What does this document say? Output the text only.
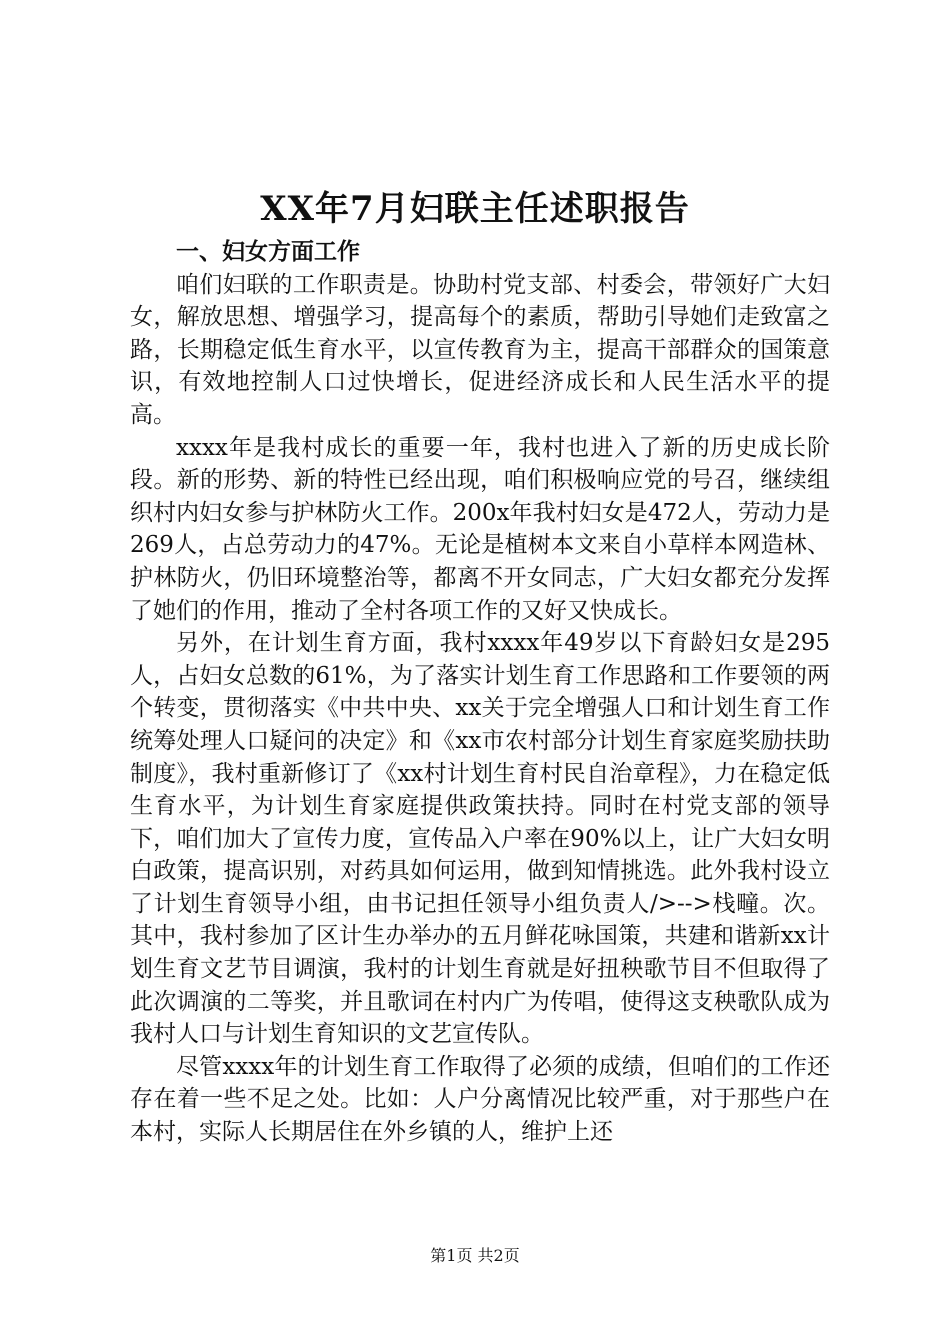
XX年7月妇联主任述职报告

一、妇女方面工作

咱们妇联的工作职责是。协助村党支部、村委会，带领好广大妇女，解放思想、增强学习，提高每个的素质，帮助引导她们走致富之路，长期稳定低生育水平，以宣传教育为主，提高干部群众的国策意识，有效地控制人口过快增长，促进经济成长和人民生活水平的提高。

xxxx年是我村成长的重要一年，我村也进入了新的历史成长阶段。新的形势、新的特性已经出现，咱们积极响应党的号召，继续组织村内妇女参与护林防火工作。200x年我村妇女是472人，劳动力是269人，占总劳动力的47%。无论是植树本文来自小草样本网造林、护林防火，仍旧环境整治等，都离不开女同志，广大妇女都充分发挥了她们的作用，推动了全村各项工作的又好又快成长。

另外，在计划生育方面，我村xxxx年49岁以下育龄妇女是295人，占妇女总数的61%，为了落实计划生育工作思路和工作要领的两个转变，贯彻落实《中共中央、xx关于完全增强人口和计划生育工作统筹处理人口疑问的决定》和《xx市农村部分计划生育家庭奖励扶助制度》，我村重新修订了《xx村计划生育村民自治章程》，力在稳定低生育水平，为计划生育家庭提供政策扶持。同时在村党支部的领导下，咱们加大了宣传力度，宣传品入户率在90%以上，让广大妇女明白政策，提高识别，对药具如何运用，做到知情挑选。此外我村设立了计划生育领导小组，由书记担任领导小组负责人/>-->栈疃。次。其中，我村参加了区计生办举办的五月鲜花咏国策，共建和谐新xx计划生育文艺节目调演，我村的计划生育就是好扭秧歌节目不但取得了此次调演的二等奖，并且歌词在村内广为传唱，使得这支秧歌队成为我村人口与计划生育知识的文艺宣传队。

尽管xxxx年的计划生育工作取得了必须的成绩，但咱们的工作还存在着一些不足之处。比如：人户分离情况比较严重，对于那些户在本村，实际人长期居住在外乡镇的人，维护上还

第1页 共2页
